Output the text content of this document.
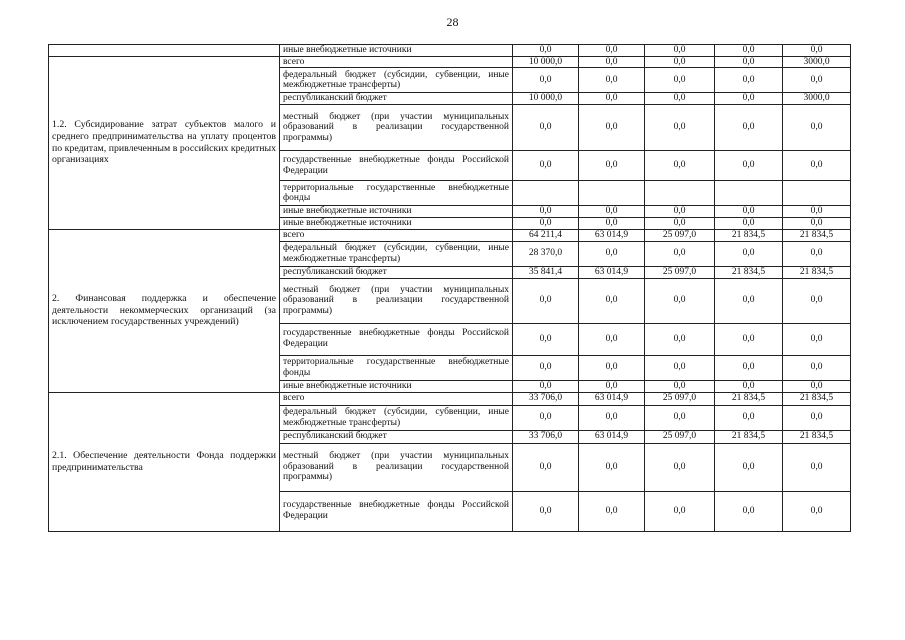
28
	иные внебюджетные источники	0,0	0,0	0,0	0,0	0,0
1.2. Субсидирование затрат субъектов малого и среднего предпринимательства на уплату процентов по кредитам, привлеченным в российских кредитных организациях	всего	10 000,0	0,0	0,0	0,0	3000,0
	федеральный бюджет (субсидии, субвенции, иные межбюджетные трансферты)	0,0	0,0	0,0	0,0	0,0
	республиканский бюджет	10 000,0	0,0	0,0	0,0	3000,0
	местный бюджет (при участии муниципальных образований в реализации государственной программы)	0,0	0,0	0,0	0,0	0,0
	государственные внебюджетные фонды Российской Федерации	0,0	0,0	0,0	0,0	0,0
	территориальные государственные внебюджетные фонды					
	иные внебюджетные источники	0,0	0,0	0,0	0,0	0,0
	иные внебюджетные источники	0,0	0,0	0,0	0,0	0,0
2. Финансовая поддержка и обеспечение деятельности некоммерческих организаций (за исключением государственных учреждений)	всего	64 211,4	63 014,9	25 097,0	21 834,5	21 834,5
	федеральный бюджет (субсидии, субвенции, иные межбюджетные трансферты)	28 370,0	0,0	0,0	0,0	0,0
	республиканский бюджет	35 841,4	63 014,9	25 097,0	21 834,5	21 834,5
	местный бюджет (при участии муниципальных образований в реализации государственной программы)	0,0	0,0	0,0	0,0	0,0
	государственные внебюджетные фонды Российской Федерации	0,0	0,0	0,0	0,0	0,0
	территориальные государственные внебюджетные фонды	0,0	0,0	0,0	0,0	0,0
	иные внебюджетные источники	0,0	0,0	0,0	0,0	0,0
2.1. Обеспечение деятельности Фонда поддержки предпринимательства	всего	33 706,0	63 014,9	25 097,0	21 834,5	21 834,5
	федеральный бюджет (субсидии, субвенции, иные межбюджетные трансферты)	0,0	0,0	0,0	0,0	0,0
	республиканский бюджет	33 706,0	63 014,9	25 097,0	21 834,5	21 834,5
	местный бюджет (при участии муниципальных образований в реализации государственной программы)	0,0	0,0	0,0	0,0	0,0
	государственные внебюджетные фонды Российской Федерации	0,0	0,0	0,0	0,0	0,0
